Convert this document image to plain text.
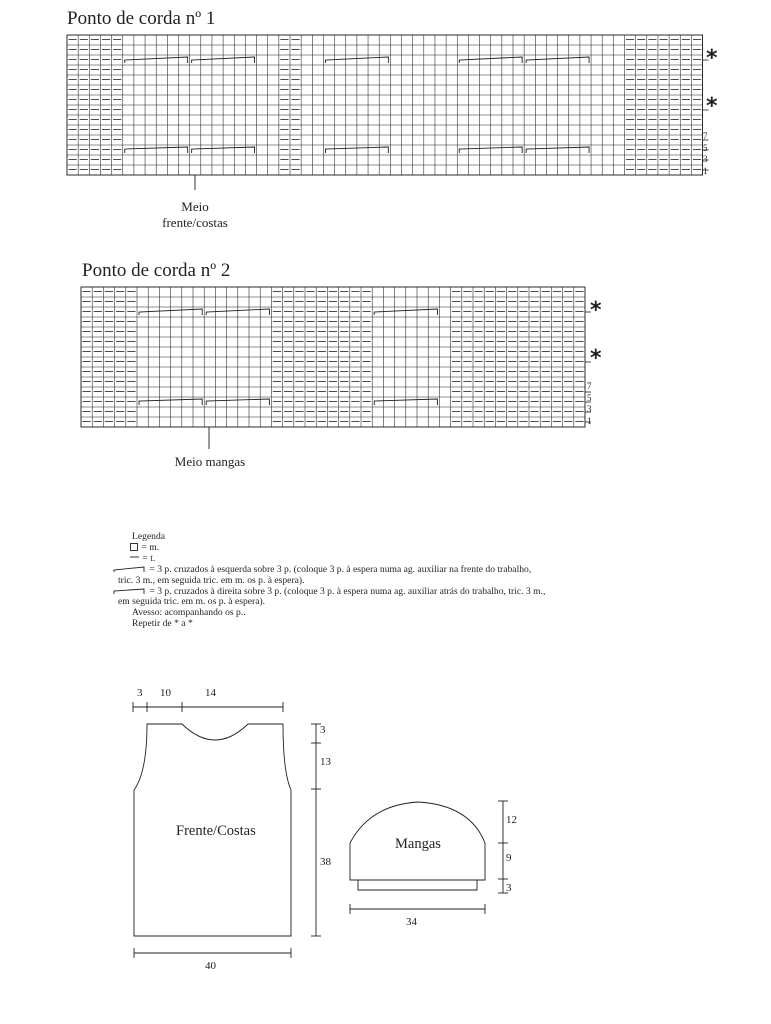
Ponto de corda nº 1
7
5
3
1
*
*
Meio
frente/costas
Ponto de corda nº 2
7
5
3
1
*
*
Meio mangas
Legenda
= m.
= t.
= 3 p. cruzados à esquerda sobre 3 p. (coloque 3 p. à espera numa ag. auxiliar na frente do trabalho,
tric. 3 m., em seguida tric. em m. os p. à espera).
= 3 p. cruzados à direita sobre 3 p. (coloque 3 p. à espera numa ag. auxiliar atrás do trabalho, tric. 3 m.,
em seguida tric. em m. os p. à espera).
Avesso: acompanhando os p..
Repetir de * a *
Frente/Costas
Mangas
3 10	14
3
13
38
40
12
9
3
34
